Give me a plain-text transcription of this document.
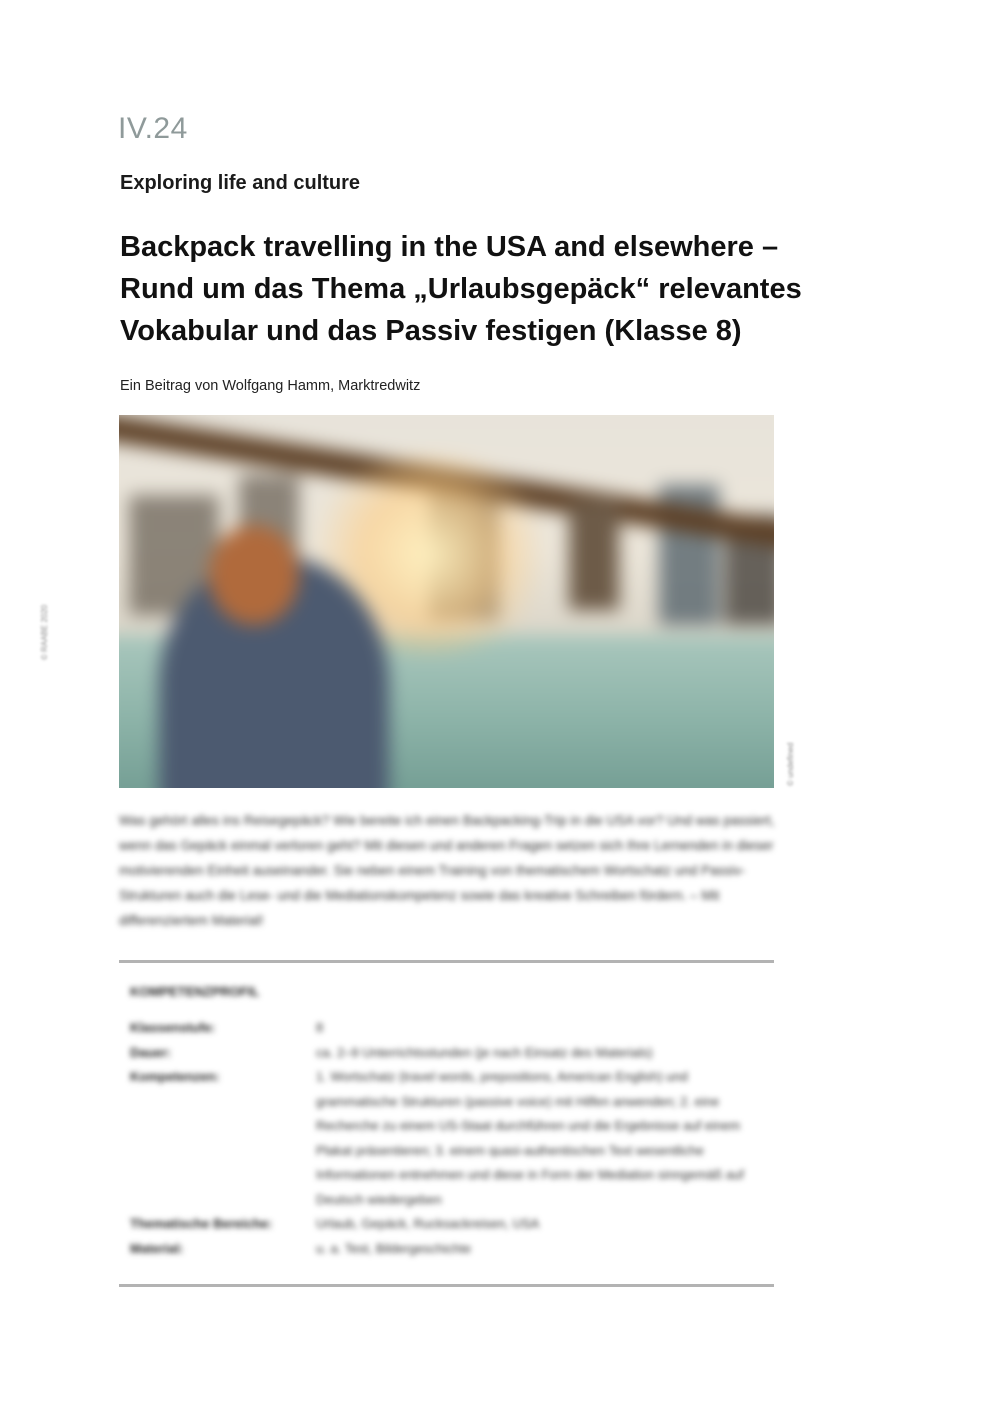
IV.24
Exploring life and culture
Backpack travelling in the USA and elsewhere –
Rund um das Thema „Urlaubsgepäck“ relevantes
Vokabular und das Passiv festigen (Klasse 8)
Ein Beitrag von Wolfgang Hamm, Marktredwitz
© RAABE 2020
© undefined
Was gehört alles ins Reisegepäck? Wie bereite ich einen Backpacking-Trip in die USA vor? Und was passiert, wenn das Gepäck einmal verloren geht? Mit diesen und anderen Fragen setzen sich Ihre Lernenden in dieser motivierenden Einheit auseinander. Sie neben einem Training von thematischem Wortschatz und Passiv-Strukturen auch die Lese- und die Mediationskompetenz sowie das kreative Schreiben fördern. – Mit differenziertem Material!
KOMPETENZPROFIL
Klassenstufe:	8
Dauer:	ca. 2–9 Unterrichtsstunden (je nach Einsatz des Materials)
Kompetenzen:	1. Wortschatz (travel words, prepositions, American English) und grammatische Strukturen (passive voice) mit Hilfen anwenden; 2. eine Recherche zu einem US-Staat durchführen und die Ergebnisse auf einem Plakat präsentieren; 3. einem quasi-authentischen Text wesentliche Informationen entnehmen und diese in Form der Mediation sinngemäß auf Deutsch wiedergeben
Thematische Bereiche:	Urlaub, Gepäck, Rucksackreisen, USA
Material:	u. a. Test, Bildergeschichte
